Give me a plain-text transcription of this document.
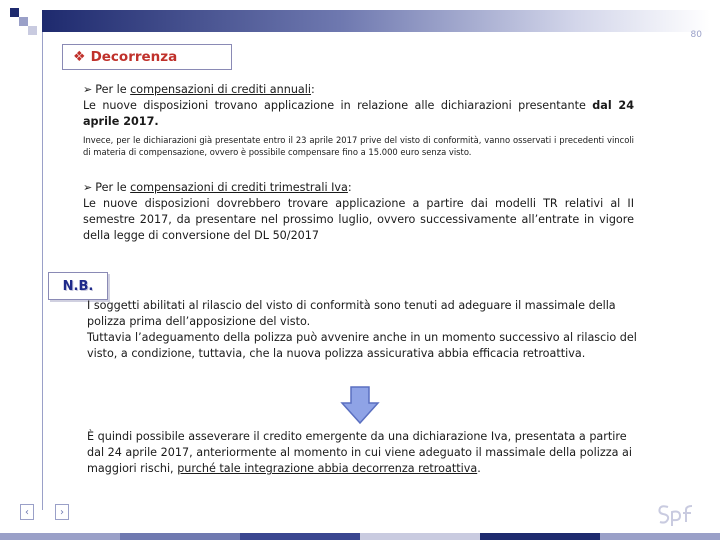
80
❖ Decorrenza
➢ Per le compensazioni di crediti annuali:
Le nuove disposizioni trovano applicazione in relazione alle dichiarazioni presentante dal 24 aprile 2017.
Invece, per le dichiarazioni già presentate entro il 23 aprile 2017 prive del visto di conformità, vanno osservati i precedenti vincoli di materia di compensazione, ovvero è possibile compensare fino a 15.000 euro senza visto.
➢ Per le compensazioni di crediti trimestrali Iva:
Le nuove disposizioni dovrebbero trovare applicazione a partire dai modelli TR relativi al II semestre 2017, da presentare nel prossimo luglio, ovvero successivamente all’entrate in vigore della legge di conversione del DL 50/2017
N.B.
I soggetti abilitati al rilascio del visto di conformità sono tenuti ad adeguare il massimale della polizza prima dell’apposizione del visto.
Tuttavia l’adeguamento della polizza può avvenire anche in un momento successivo al rilascio del visto, a condizione, tuttavia, che la nuova polizza assicurativa abbia efficacia retroattiva.
È quindi possibile asseverare il credito emergente da una dichiarazione Iva, presentata a partire dal 24 aprile 2017, anteriormente al momento in cui viene adeguato il massimale della polizza ai maggiori rischi, purché tale integrazione abbia decorrenza retroattiva.
‹	›
